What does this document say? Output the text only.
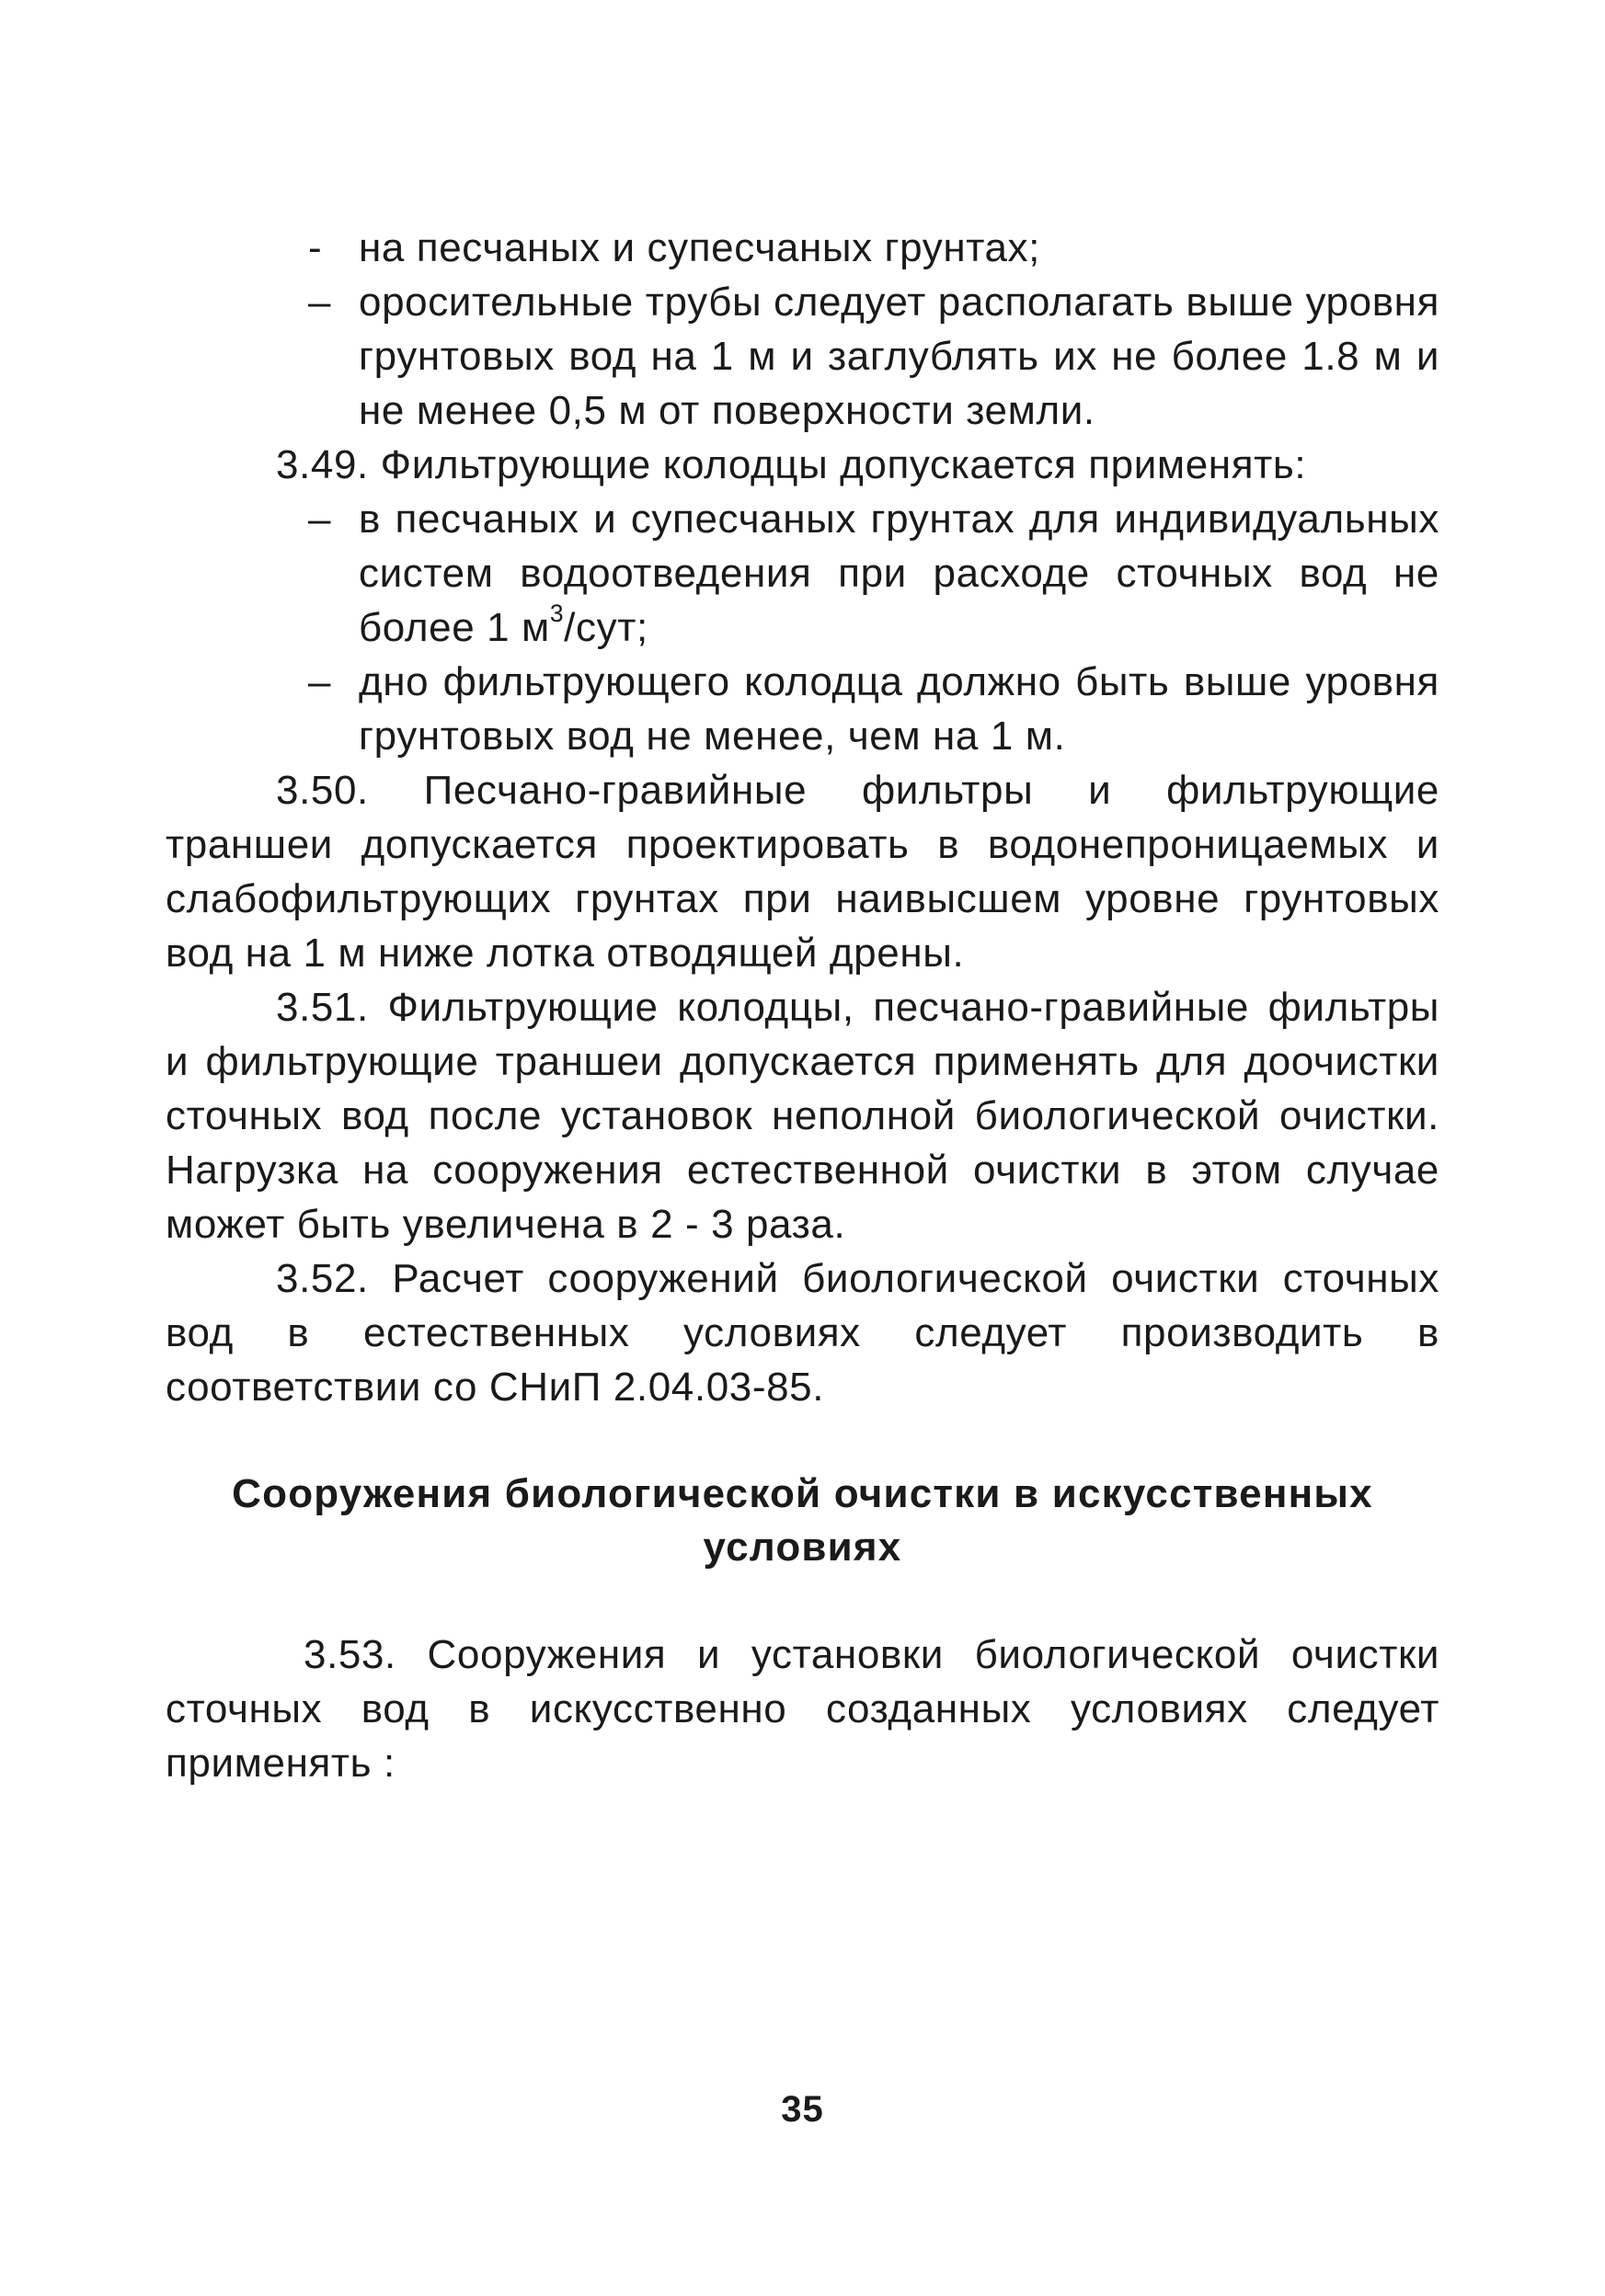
- на песчаных и супесчаных грунтах;
– оросительные трубы следует располагать выше уровня грунтовых вод на 1 м и заглублять их не более 1.8 м и не менее 0,5 м от поверхности земли.

3.49. Фильтрующие колодцы допускается применять:

– в песчаных и супесчаных грунтах для индивидуальных систем водоотведения при расходе сточных вод не более 1 $м^3$/сут;
– дно фильтрующего колодца должно быть выше уровня грунтовых вод не менее, чем на 1 м.

3.50. Песчано-гравийные фильтры и фильтрующие траншеи допускается проектировать в водонепроницаемых и слабофильтрующих грунтах при наивысшем уровне грунтовых вод на 1 м ниже лотка отводящей дрены.

3.51. Фильтрующие колодцы, песчано-гравийные фильтры и фильтрующие траншеи допускается применять для доочистки сточных вод после установок неполной биологической очистки. Нагрузка на сооружения естественной очистки в этом случае может быть увеличена в 2 - 3 раза.

3.52. Расчет сооружений биологической очистки сточных вод в естественных условиях следует производить в соответствии со СНиП 2.04.03-85.

Сооружения биологической очистки в искусственных условиях

3.53. Сооружения и установки биологической очистки сточных вод в искусственно созданных условиях следует применять :

35
